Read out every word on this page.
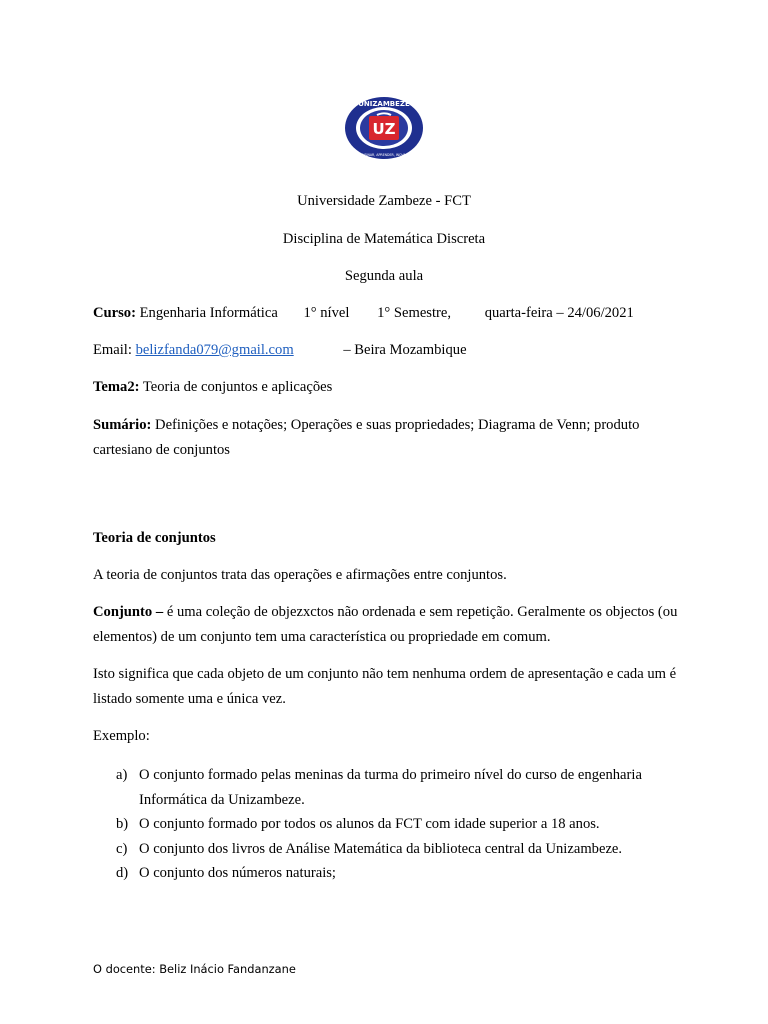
UZ
UNIZAMBEZE
ENSINAR, APRENDER, INOVAR
Universidade Zambeze - FCT
Disciplina de Matemática Discreta
Segunda aula
Curso: Engenharia Informática 1° nível 1° Semestre, quarta-feira – 24/06/2021
Email: belizfanda079@gmail.com	– Beira Mozambique
Tema2: Teoria de conjuntos e aplicações
Sumário: Definições e notações; Operações e suas propriedades; Diagrama de Venn; produto cartesiano de conjuntos
Teoria de conjuntos
A teoria de conjuntos trata das operações e afirmações entre conjuntos.
Conjunto – é uma coleção de objezxctos não ordenada e sem repetição. Geralmente os objectos (ou elementos) de um conjunto tem uma característica ou propriedade em comum.
Isto significa que cada objeto de um conjunto não tem nenhuma ordem de apresentação e cada um é listado somente uma e única vez.
Exemplo:
a) O conjunto formado pelas meninas da turma do primeiro nível do curso de engenharia Informática da Unizambeze.
b) O conjunto formado por todos os alunos da FCT com idade superior a 18 anos.
c) O conjunto dos livros de Análise Matemática da biblioteca central da Unizambeze.
d) O conjunto dos números naturais;
O docente: Beliz Inácio Fandanzane
